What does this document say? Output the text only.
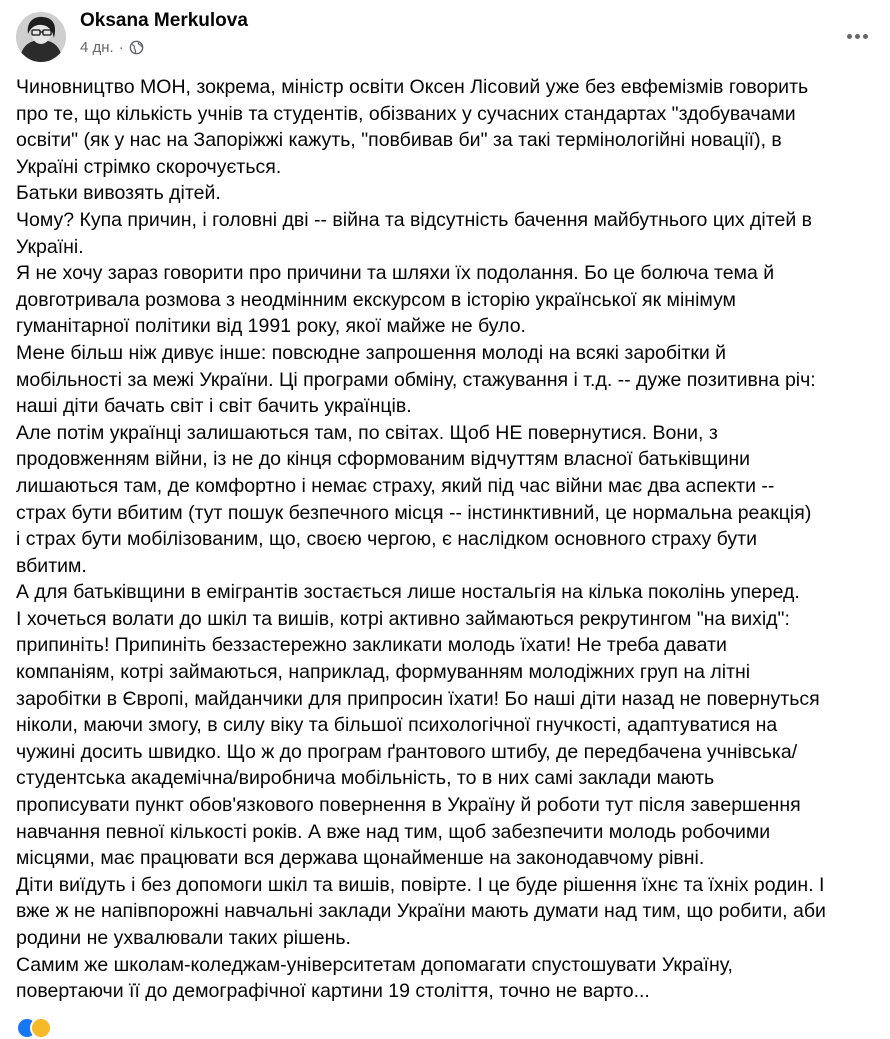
Oksana Merkulova
4 дн. ·
Чиновництво МОН, зокрема, міністр освіти Оксен Лісовий уже без евфемізмів говорить
про те, що кількість учнів та студентів, обізваних у сучасних стандартах "здобувачами
освіти" (як у нас на Запоріжжі кажуть, "повбивав би" за такі термінологійні новації), в
Україні стрімко скорочується.
Батьки вивозять дітей.
Чому? Купа причин, і головні дві -- війна та відсутність бачення майбутнього цих дітей в
Україні.
Я не хочу зараз говорити про причини та шляхи їх подолання. Бо це болюча тема й
довготривала розмова з неодмінним екскурсом в історію української як мінімум
гуманітарної політики від 1991 року, якої майже не було.
Мене більш ніж дивує інше: повсюдне запрошення молоді на всякі заробітки й
мобільності за межі України. Ці програми обміну, стажування і т.д. -- дуже позитивна річ:
наші діти бачать світ і світ бачить українців.
Але потім українці залишаються там, по світах. Щоб НЕ повернутися. Вони, з
продовженням війни, із не до кінця сформованим відчуттям власної батьківщини
лишаються там, де комфортно і немає страху, який під час війни має два аспекти --
страх бути вбитим (тут пошук безпечного місця -- інстинктивний, це нормальна реакція)
і страх бути мобілізованим, що, своєю чергою, є наслідком основного страху бути
вбитим.
А для батьківщини в емігрантів зостається лише ностальгія на кілька поколінь уперед.
І хочеться волати до шкіл та вишів, котрі активно займаються рекрутингом "на вихід":
припиніть! Припиніть беззастережно закликати молодь їхати! Не треба давати
компаніям, котрі займаються, наприклад, формуванням молодіжних груп на літні
заробітки в Європі, майданчики для припросин їхати! Бо наші діти назад не повернуться
ніколи, маючи змогу, в силу віку та більшої психологічної гнучкості, адаптуватися на
чужині досить швидко. Що ж до програм ґрантового штибу, де передбачена учнівська/
студентська академічна/виробнича мобільність, то в них самі заклади мають
прописувати пункт обов'язкового повернення в Україну й роботи тут після завершення
навчання певної кількості років. А вже над тим, щоб забезпечити молодь робочими
місцями, має працювати вся держава щонайменше на законодавчому рівні.
Діти виїдуть і без допомоги шкіл та вишів, повірте. І це буде рішення їхнє та їхніх родин. І
вже ж не напівпорожні навчальні заклади України мають думати над тим, що робити, аби
родини не ухвалювали таких рішень.
Самим же школам-коледжам-університетам допомагати спустошувати Україну,
повертаючи її до демографічної картини 19 століття, точно не варто...
